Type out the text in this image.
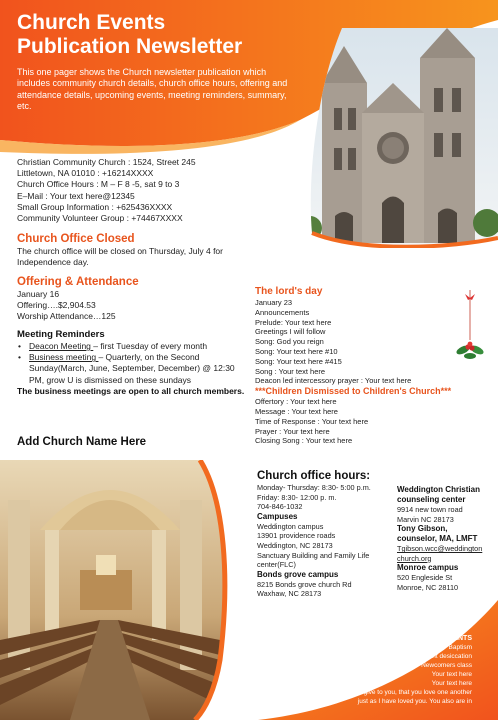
Church Events
Publication Newsletter
This one pager shows the Church newsletter publication which includes community church details, church office hours, offering and attendance details, upcoming events, meeting reminders, summary, etc.
Christian Community Church : 1524, Street 245
Littletown, NA 01010 : +16214XXXX
Church Office Hours : M – F 8 -5, sat 9 to 3
E–Mail : Your text here@12345
Small Group Information : +625436XXXX
Community Volunteer Group : +74467XXXX
Church Office Closed
The church office will be closed on Thursday, July 4 for Independence day.
Offering & Attendance
January 16
Offering….$2,904.53
Worship Attendance…125
Meeting Reminders
• Deacon Meeting – first Tuesday of every month
• Business meeting – Quarterly, on the Second Sunday(March, June, September, December) @ 12:30 PM, grow U is dismissed on these sundays
The business meetings are open to all church members.
The lord's day
January 23
Announcements
Prelude: Your text here
Greetings I will follow
Song: God you reign
Song: Your text here #10
Song: Your text here #415
Song : Your text here
Deacon led intercessory prayer : Your text here
***Children Dismissed to Children's Church***
Offertory : Your text here
Message : Your text here
Time of Response : Your text here
Prayer : Your text here
Closing Song : Your text here
Add Church Name Here
Church office hours:
Monday- Thursday: 8:30- 5:00 p.m.
Friday: 8:30- 12:00 p. m.
704-846-1032
Campuses
Weddington campus
13901 providence roads
Weddington, NC 28173
Sanctuary Building and Family Life center(FLC)
Bonds grove campus
8215 Bonds grove church Rd
Waxhaw, NC 28173
Weddington Christian
counseling center
9914 new town road
Marvin NC 28173
Tony Gibson,
counselor, MA, LMFT
Tgibson.wcc@weddington
church.org
Monroe campus
520 Engleside St
Monroe, NC 28110
UPCOMING EVENTS
Baptism
Infant desiccation
Newcomers class
Your text here
Your text here
" A new commandment I give to you, that you love one another
just as I have loved you. You also are in
